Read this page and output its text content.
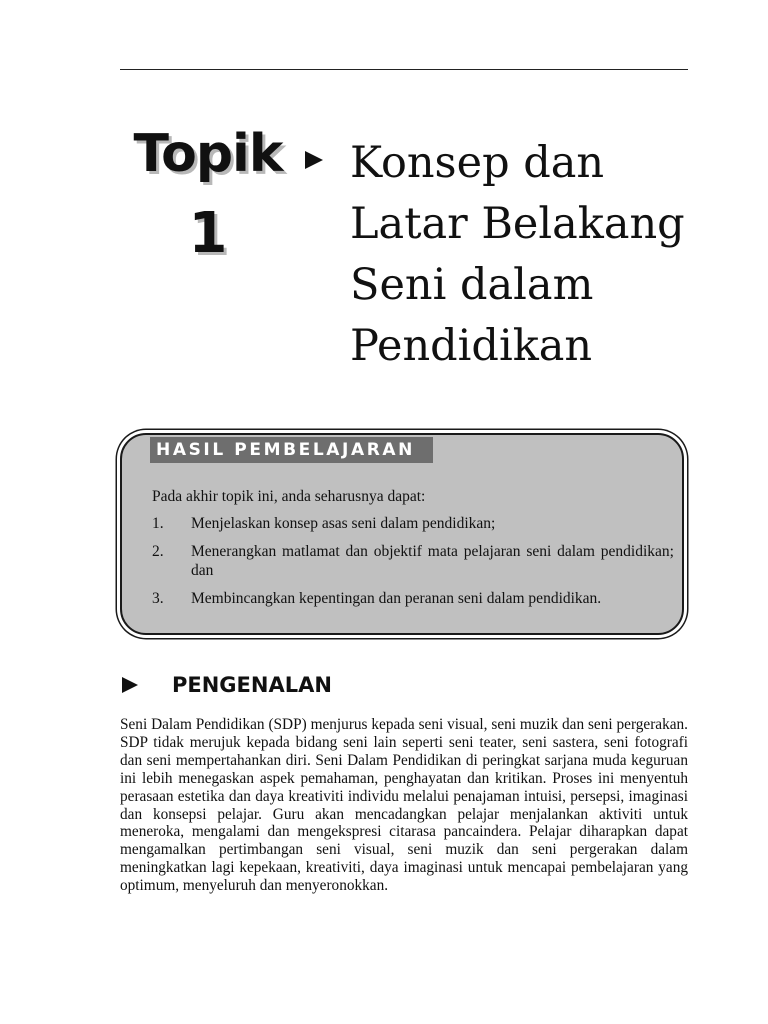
Topik
1
Konsep dan
Latar Belakang
Seni dalam
Pendidikan
HASIL PEMBELAJARAN
Pada akhir topik ini, anda seharusnya dapat:
1.	Menjelaskan konsep asas seni dalam pendidikan;
2.	Menerangkan matlamat dan objektif mata pelajaran seni dalam pendidikan; dan
3.	Membincangkan kepentingan dan peranan seni dalam pendidikan.
PENGENALAN

Seni Dalam Pendidikan (SDP) menjurus kepada seni visual, seni muzik dan seni pergerakan. SDP tidak merujuk kepada bidang seni lain seperti seni teater, seni sastera, seni fotografi dan seni mempertahankan diri. Seni Dalam Pendidikan di peringkat sarjana muda keguruan ini lebih menegaskan aspek pemahaman, penghayatan dan kritikan. Proses ini menyentuh perasaan estetika dan daya kreativiti individu melalui penajaman intuisi, persepsi, imaginasi dan konsepsi pelajar. Guru akan mencadangkan pelajar menjalankan aktiviti untuk meneroka, mengalami dan mengekspresi citarasa pancaindera. Pelajar diharapkan dapat mengamalkan pertimbangan seni visual, seni muzik dan seni pergerakan dalam meningkatkan lagi kepekaan, kreativiti, daya imaginasi untuk mencapai pembelajaran yang optimum, menyeluruh dan menyeronokkan.
